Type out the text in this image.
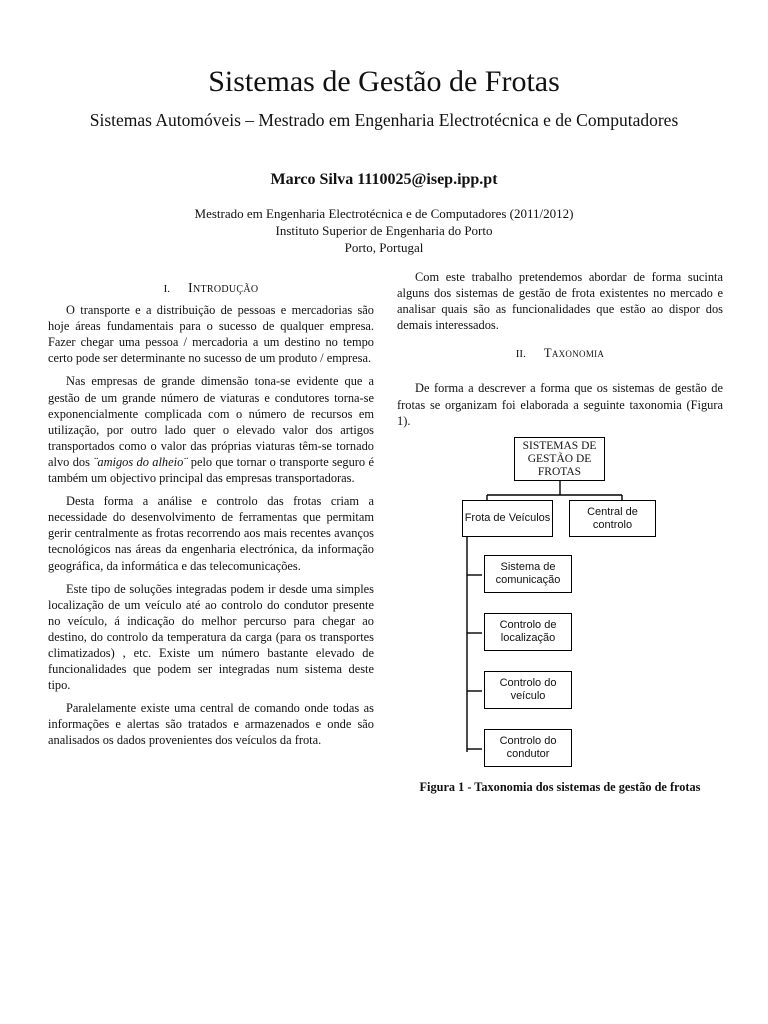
Sistemas de Gestão de Frotas
Sistemas Automóveis – Mestrado em Engenharia Electrotécnica e de Computadores
Marco Silva 1110025@isep.ipp.pt
Mestrado em Engenharia Electrotécnica e de Computadores (2011/2012)
Instituto Superior de Engenharia do Porto
Porto, Portugal
I. Introdução

O transporte e a distribuição de pessoas e mercadorias são hoje áreas fundamentais para o sucesso de qualquer empresa. Fazer chegar uma pessoa / mercadoria a um destino no tempo certo pode ser determinante no sucesso de um produto / empresa.

Nas empresas de grande dimensão tona-se evidente que a gestão de um grande número de viaturas e condutores torna-se exponencialmente complicada com o número de recursos em utilização, por outro lado quer o elevado valor dos artigos transportados como o valor das próprias viaturas têm-se tornado alvo dos ¨amigos do alheio¨ pelo que tornar o transporte seguro é também um objectivo principal das empresas transportadoras.

Desta forma a análise e controlo das frotas criam a necessidade do desenvolvimento de ferramentas que permitam gerir centralmente as frotas recorrendo aos mais recentes avanços tecnológicos nas áreas da engenharia electrónica, da informação geográfica, da informática e das telecomunicações.

Este tipo de soluções integradas podem ir desde uma simples localização de um veículo até ao controlo do condutor presente no veículo, á indicação do melhor percurso para chegar ao destino, do controlo da temperatura da carga (para os transportes climatizados) , etc. Existe um número bastante elevado de funcionalidades que podem ser integradas num sistema deste tipo.

Paralelamente existe uma central de comando onde todas as informações e alertas são tratados e armazenados e onde são analisados os dados provenientes dos veículos da frota.

Com este trabalho pretendemos abordar de forma sucinta alguns dos sistemas de gestão de frota existentes no mercado e analisar quais são as funcionalidades que estão ao dispor dos demais interessados.

II. Taxonomia

De forma a descrever a forma que os sistemas de gestão de frotas se organizam foi elaborada a seguinte taxonomia (Figura 1).

SISTEMAS DE GESTÃO DE FROTAS
Frota de Veículos
Central de controlo
Sistema de comunicação
Controlo de localização
Controlo do veículo
Controlo do condutor
Figura 1 - Taxonomia dos sistemas de gestão de frotas
